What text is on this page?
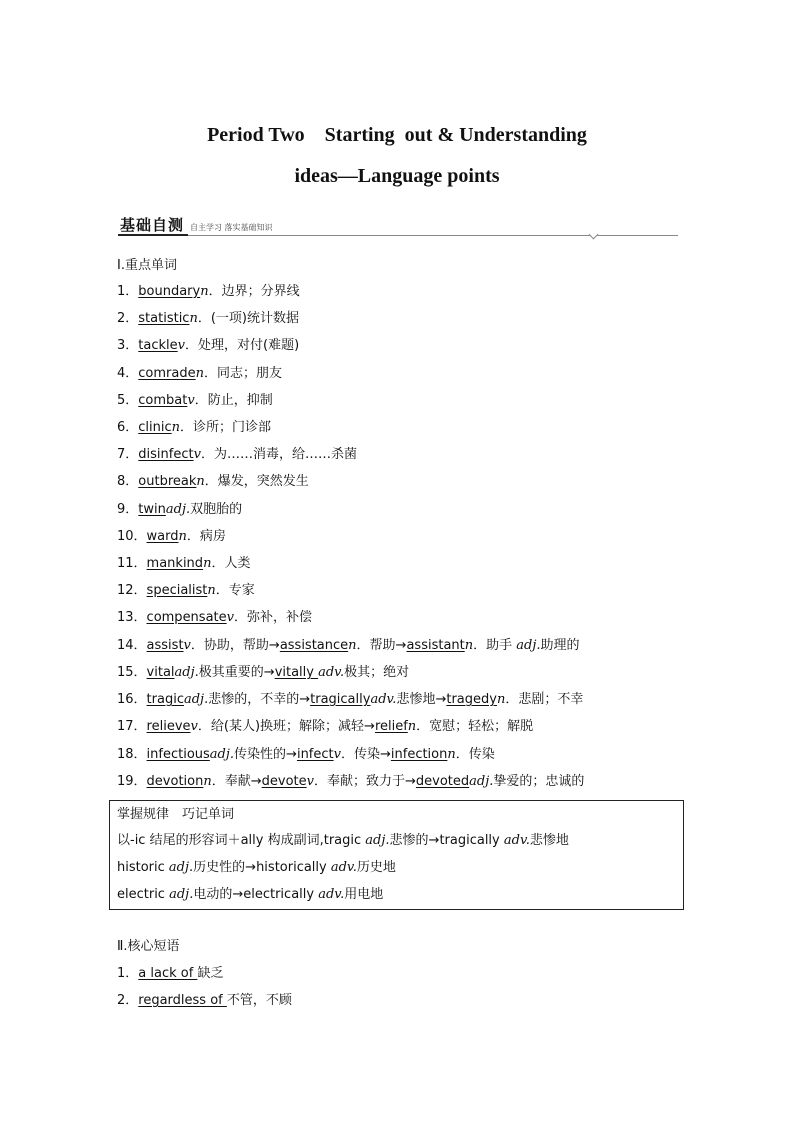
Period Two Starting  out & Understanding
ideas—Language points
基础自测 自主学习 落实基础知识
Ⅰ.重点单词
1．boundaryn．边界；分界线
2．statisticn．(一项)统计数据
3．tacklev．处理，对付(难题)
4．comraden．同志；朋友
5．combatv．防止，抑制
6．clinicn．诊所；门诊部
7．disinfectv．为……消毒，给……杀菌
8．outbreakn．爆发，突然发生
9．twinadj.双胞胎的
10．wardn．病房
11．mankindn．人类
12．specialistn．专家
13．compensatev．弥补，补偿
14．assistv．协助，帮助→assistancen．帮助→assistantn．助手 adj.助理的
15．vitaladj.极其重要的→vitally adv.极其；绝对
16．tragicadj.悲惨的，不幸的→tragicallyadv.悲惨地→tragedyn．悲剧；不幸
17．relievev．给(某人)换班；解除；减轻→reliefn．宽慰；轻松；解脱
18．infectiousadj.传染性的→infectv．传染→infectionn．传染
19．devotionn．奉献→devotev．奉献；致力于→devotedadj.挚爱的；忠诚的
掌握规律　巧记单词
以-ic 结尾的形容词＋ally 构成副词,tragic adj.悲惨的→tragically adv.悲惨地
historic adj.历史性的→historically adv.历史地
electric adj.电动的→electrically adv.用电地
Ⅱ.核心短语
1．a lack of 缺乏
2．regardless of 不管，不顾
